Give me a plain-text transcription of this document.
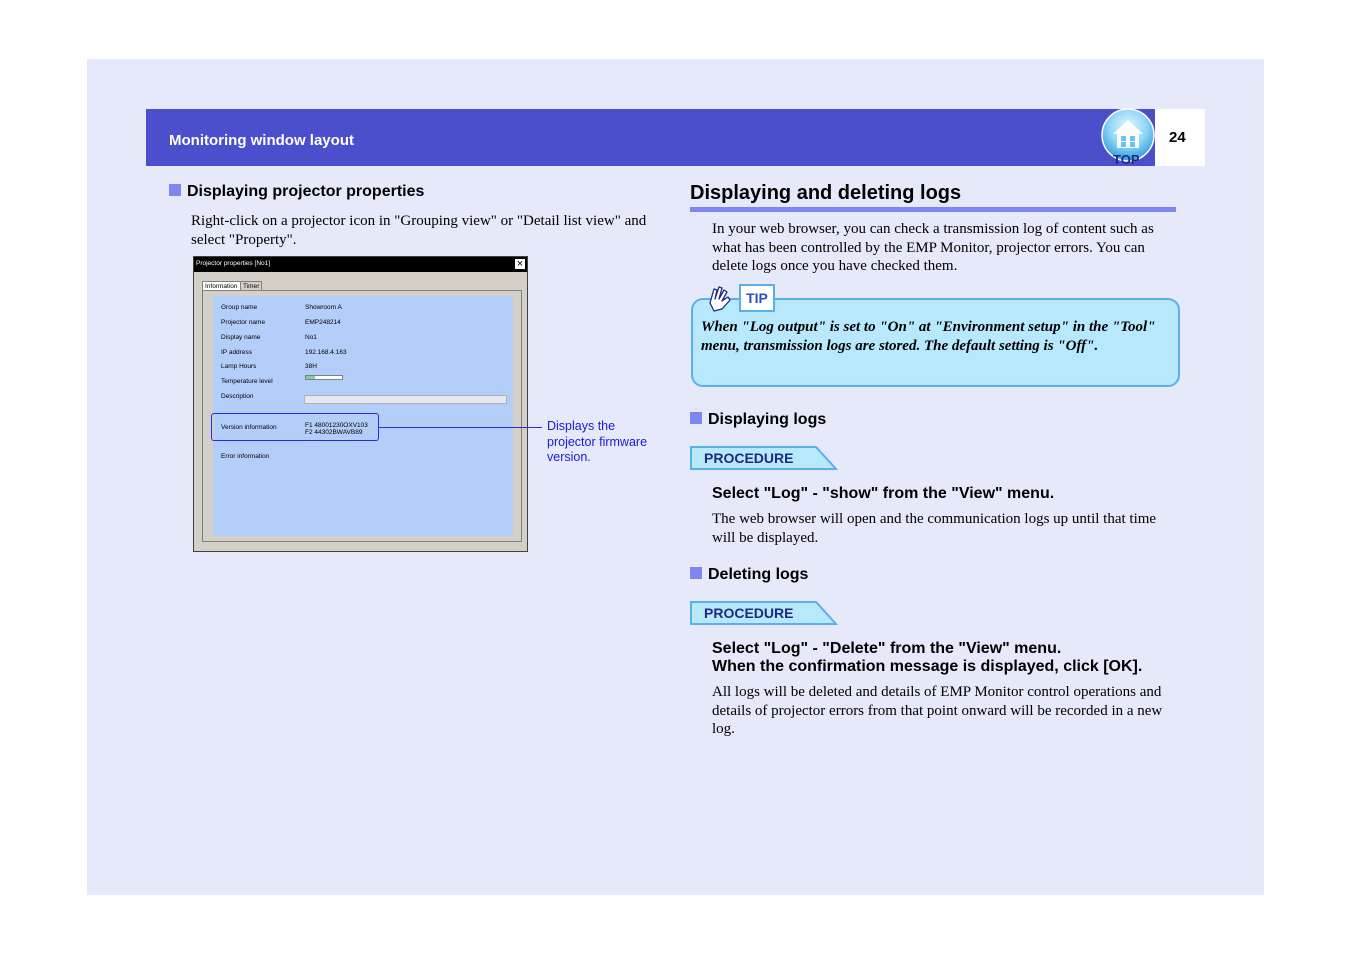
Monitoring window layout	24
TOP
Displaying projector properties
Right-click on a projector icon in "Grouping view" or "Detail list view" and select "Property".
Projector properties [No1]	×
Information Timer
Group name	Showroom A
Projector name	EMP248214
Display name	No1
IP address	192.168.4.163
Lamp Hours	38H
Temperature level
Description
Version information	F1 48001230OXV103
F2 44302BWAVB89
Error information
Displays the projector firmware version.
Displaying and deleting logs
In your web browser, you can check a transmission log of content such as what has been controlled by the EMP Monitor, projector errors. You can delete logs once you have checked them.
TIP
When "Log output" is set to "On" at "Environment setup" in the "Tool" menu, transmission logs are stored. The default setting is "Off".
Displaying logs
PROCEDURE
Select "Log" - "show" from the "View" menu.
The web browser will open and the communication logs up until that time will be displayed.
Deleting logs
PROCEDURE
Select "Log" - "Delete" from the "View" menu.
When the confirmation message is displayed, click [OK].
All logs will be deleted and details of EMP Monitor control operations and details of projector errors from that point onward will be recorded in a new log.
